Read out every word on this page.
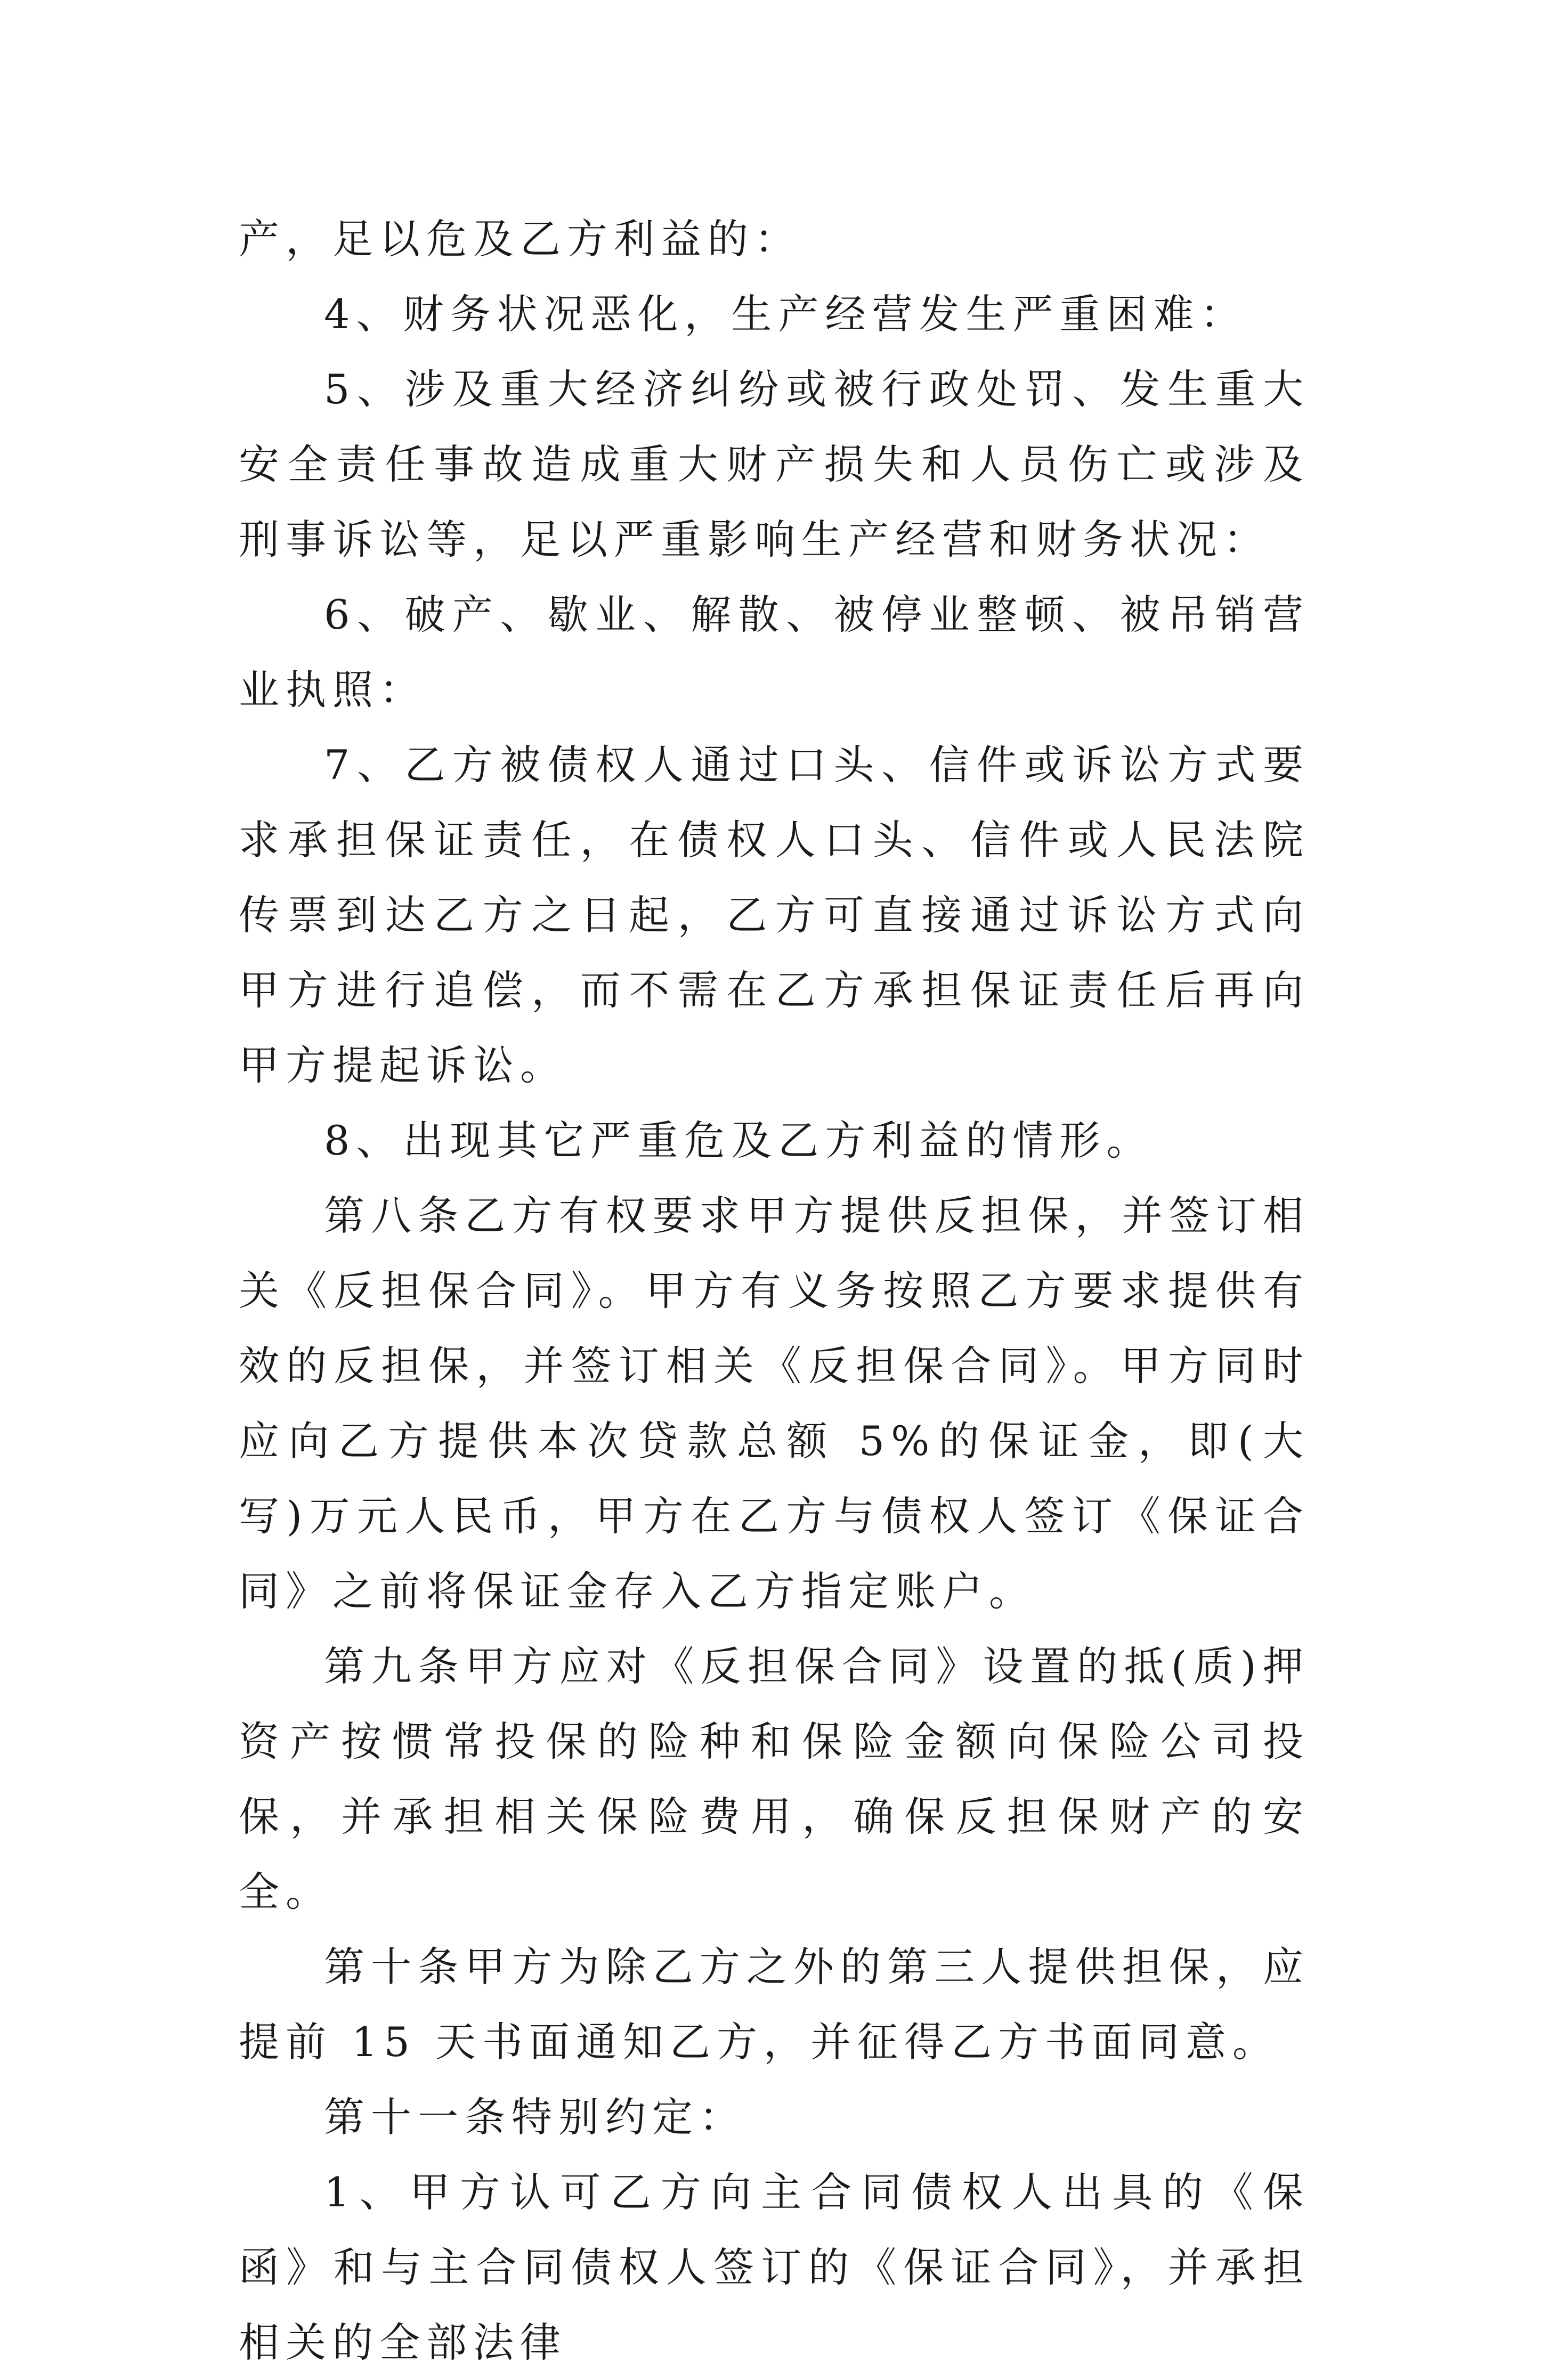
产，足以危及乙方利益的：

4、财务状况恶化，生产经营发生严重困难：

5、涉及重大经济纠纷或被行政处罚、发生重大安全责任事故造成重大财产损失和人员伤亡或涉及刑事诉讼等，足以严重影响生产经营和财务状况：

6、破产、歇业、解散、被停业整顿、被吊销营业执照：

7、乙方被债权人通过口头、信件或诉讼方式要求承担保证责任，在债权人口头、信件或人民法院传票到达乙方之日起，乙方可直接通过诉讼方式向甲方进行追偿，而不需在乙方承担保证责任后再向甲方提起诉讼。

8、出现其它严重危及乙方利益的情形。

第八条乙方有权要求甲方提供反担保，并签订相关《反担保合同》。甲方有义务按照乙方要求提供有效的反担保，并签订相关《反担保合同》。甲方同时应向乙方提供本次贷款总额 5%的保证金，即(大写)万元人民币，甲方在乙方与债权人签订《保证合同》之前将保证金存入乙方指定账户。

第九条甲方应对《反担保合同》设置的抵(质)押资产按惯常投保的险种和保险金额向保险公司投保，并承担相关保险费用，确保反担保财产的安全。

第十条甲方为除乙方之外的第三人提供担保，应提前 15 天书面通知乙方，并征得乙方书面同意。

第十一条特别约定：

1、甲方认可乙方向主合同债权人出具的《保函》和与主合同债权人签订的《保证合同》，并承担相关的全部法律
